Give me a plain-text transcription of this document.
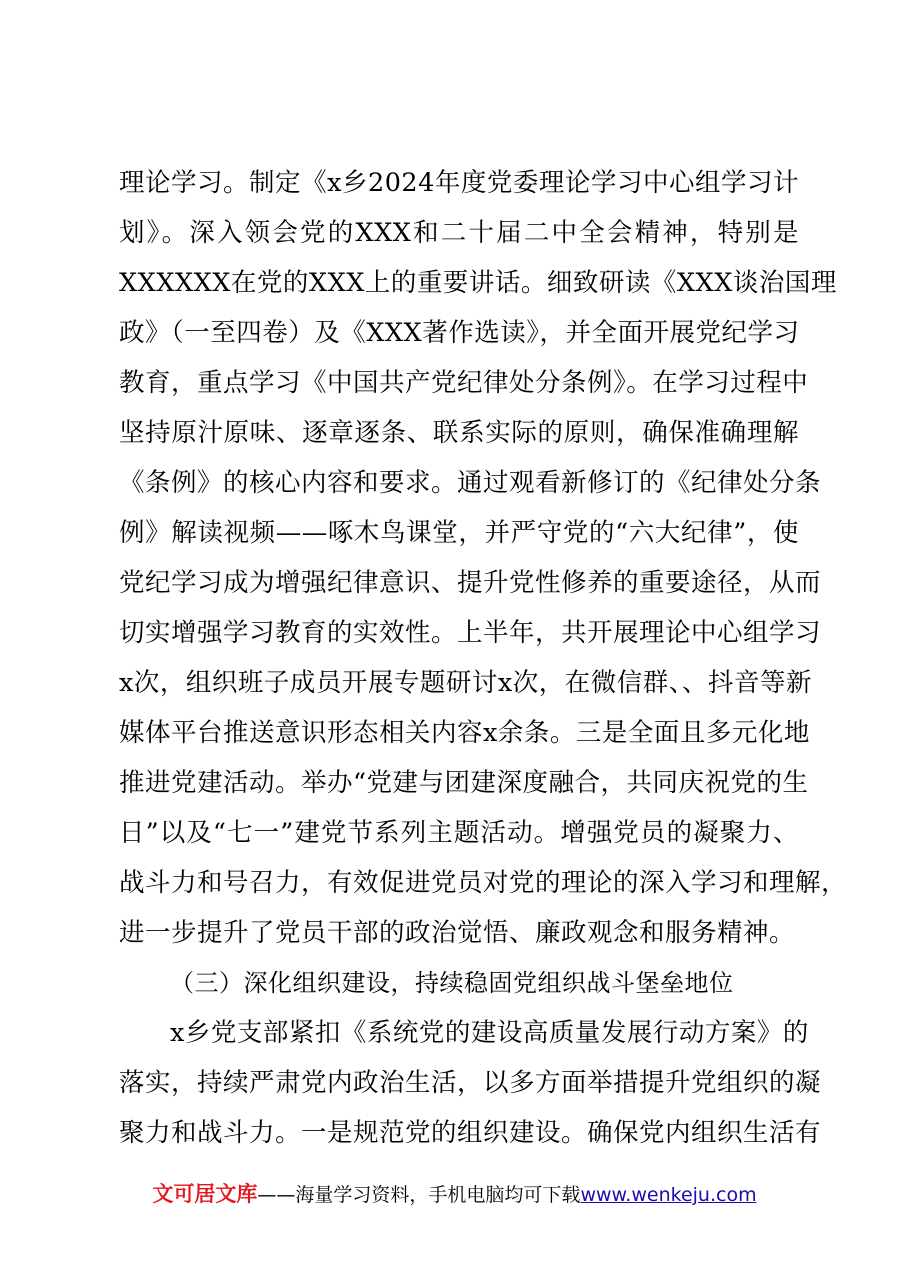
理论学习。制定《x乡2024年度党委理论学习中心组学习计
划》。深入领会党的XXX和二十届二中全会精神，特别是
XXXXXX在党的XXX上的重要讲话。细致研读《XXX谈治国理
政》（一至四卷）及《XXX著作选读》，并全面开展党纪学习
教育，重点学习《中国共产党纪律处分条例》。在学习过程中
坚持原汁原味、逐章逐条、联系实际的原则，确保准确理解
《条例》的核心内容和要求。通过观看新修订的《纪律处分条
例》解读视频——啄木鸟课堂，并严守党的“六大纪律”，使
党纪学习成为增强纪律意识、提升党性修养的重要途径，从而
切实增强学习教育的实效性。上半年，共开展理论中心组学习
x次，组织班子成员开展专题研讨x次，在微信群、、抖音等新
媒体平台推送意识形态相关内容x余条。三是全面且多元化地
推进党建活动。举办“党建与团建深度融合，共同庆祝党的生
日”以及“七一”建党节系列主题活动。增强党员的凝聚力、
战斗力和号召力，有效促进党员对党的理论的深入学习和理解，
进一步提升了党员干部的政治觉悟、廉政观念和服务精神。
（三）深化组织建设，持续稳固党组织战斗堡垒地位
x乡党支部紧扣《系统党的建设高质量发展行动方案》的
落实，持续严肃党内政治生活，以多方面举措提升党组织的凝
聚力和战斗力。一是规范党的组织建设。确保党内组织生活有
文可居文库——海量学习资料，手机电脑均可下载www.wenkeju.com
